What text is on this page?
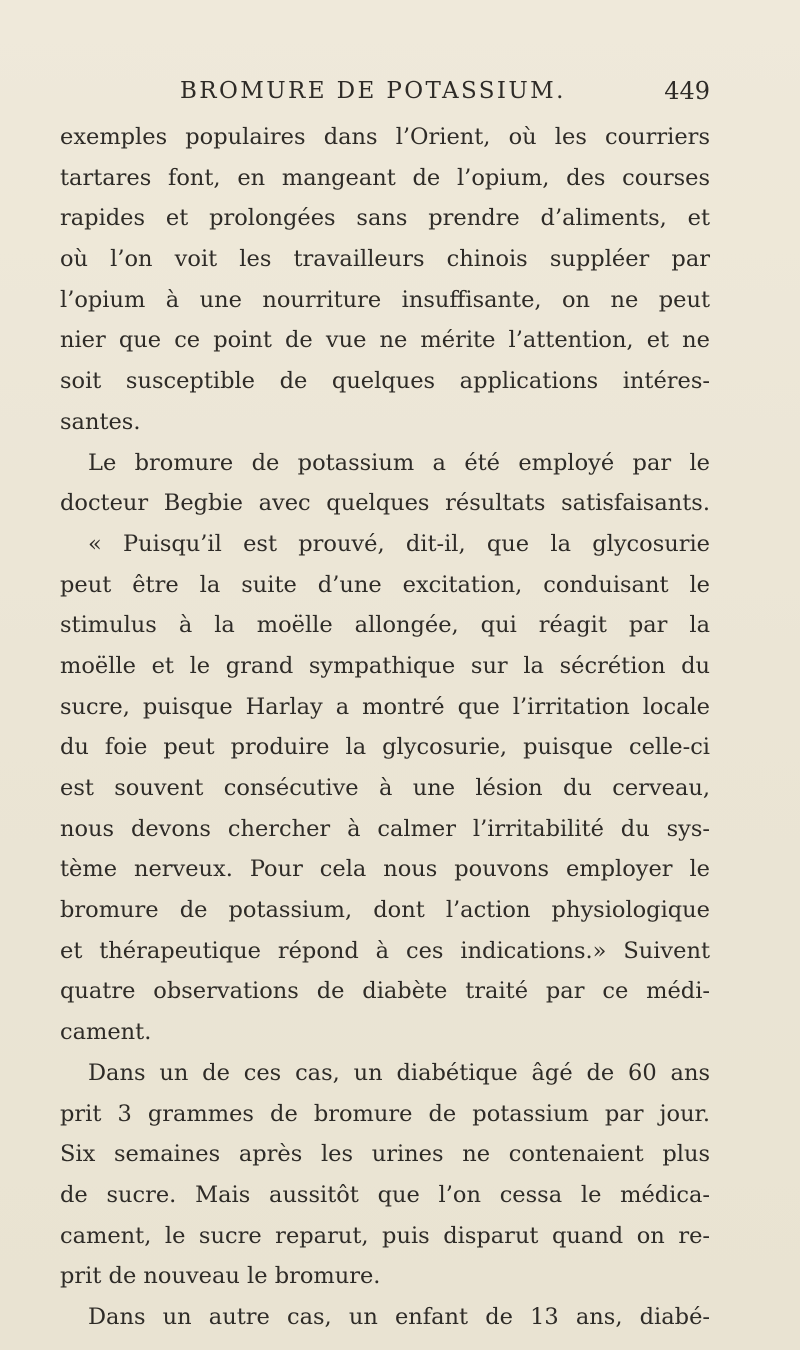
BROMURE DE POTASSIUM.	449
exemples populaires dans l’Orient, où les courriers
tartares font, en mangeant de l’opium, des courses
rapides et prolongées sans prendre d’aliments, et
où l’on voit les travailleurs chinois suppléer par
l’opium à une nourriture insuffisante, on ne peut
nier que ce point de vue ne mérite l’attention, et ne
soit susceptible de quelques applications intéres-
santes.
Le bromure de potassium a été employé par le
docteur Begbie avec quelques résultats satisfaisants.
« Puisqu’il est prouvé, dit-il, que la glycosurie
peut être la suite d’une excitation, conduisant le
stimulus à la moëlle allongée, qui réagit par la
moëlle et le grand sympathique sur la sécrétion du
sucre, puisque Harlay a montré que l’irritation locale
du foie peut produire la glycosurie, puisque celle-ci
est souvent consécutive à une lésion du cerveau,
nous devons chercher à calmer l’irritabilité du sys-
tème nerveux. Pour cela nous pouvons employer le
bromure de potassium, dont l’action physiologique
et thérapeutique répond à ces indications.» Suivent
quatre observations de diabète traité par ce médi-
cament.
Dans un de ces cas, un diabétique âgé de 60 ans
prit 3 grammes de bromure de potassium par jour.
Six semaines après les urines ne contenaient plus
de sucre. Mais aussitôt que l’on cessa le médica-
cament, le sucre reparut, puis disparut quand on re-
prit de nouveau le bromure.
Dans un autre cas, un enfant de 13 ans, diabé-
